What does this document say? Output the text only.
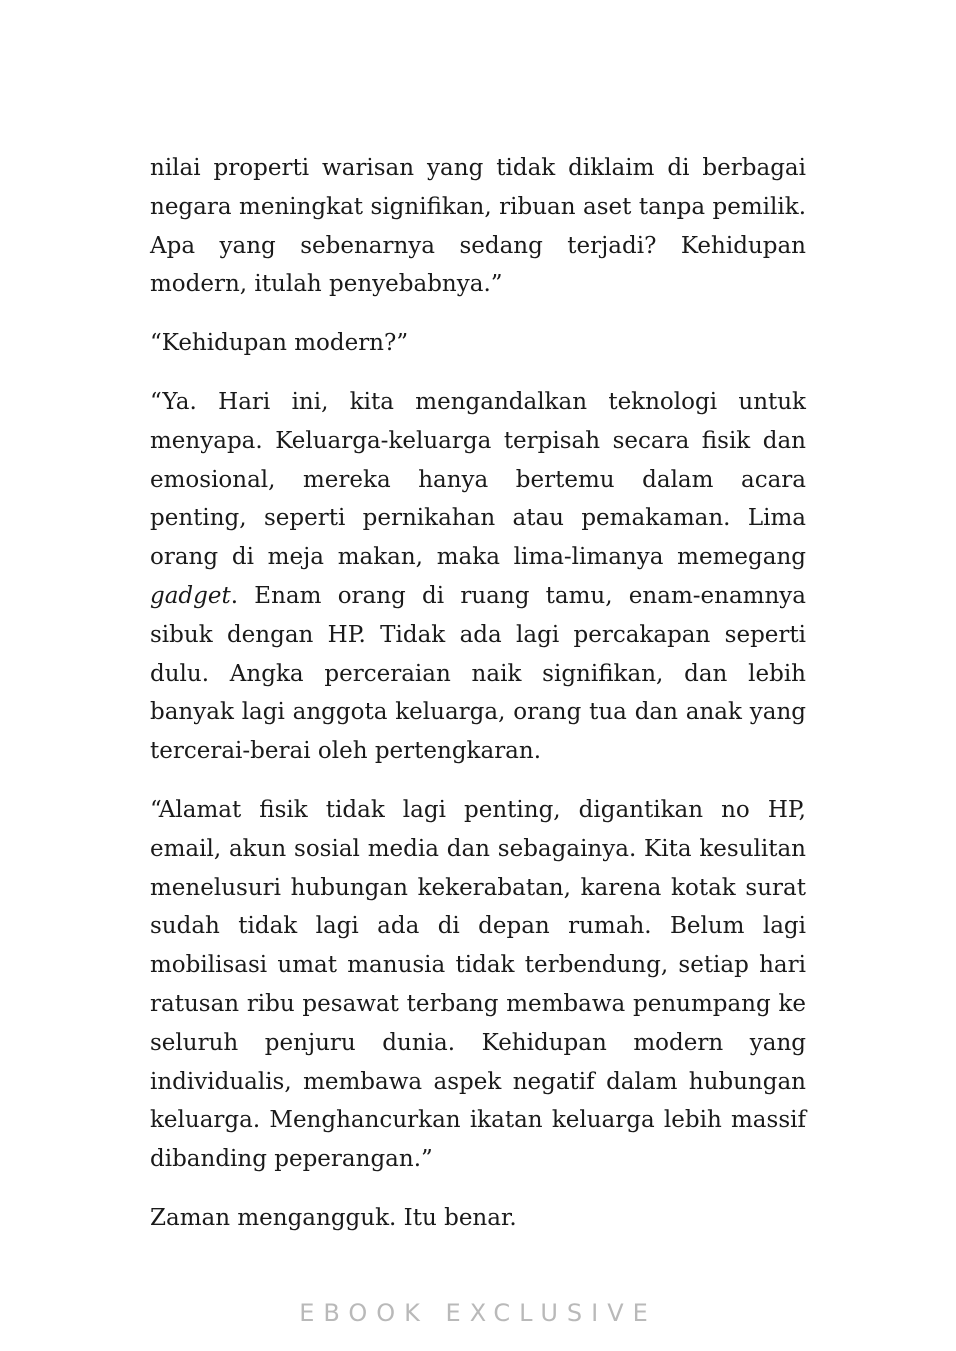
nilai properti warisan yang tidak diklaim di berbagai negara meningkat signifikan, ribuan aset tanpa pemilik. Apa yang sebenarnya sedang terjadi? Kehidupan modern, itulah penyebabnya.”

“Kehidupan modern?”

“Ya. Hari ini, kita mengandalkan teknologi untuk menyapa. Keluarga-keluarga terpisah secara fisik dan emosional, mereka hanya bertemu dalam acara penting, seperti pernikahan atau pemakaman. Lima orang di meja makan, maka lima-limanya memegang gadget. Enam orang di ruang tamu, enam-enamnya sibuk dengan HP. Tidak ada lagi percakapan seperti dulu. Angka perceraian naik signifikan, dan lebih banyak lagi anggota keluarga, orang tua dan anak yang tercerai-berai oleh pertengkaran.

“Alamat fisik tidak lagi penting, digantikan no HP, email, akun sosial media dan sebagainya. Kita kesulitan menelusuri hubungan kekerabatan, karena kotak surat sudah tidak lagi ada di depan rumah. Belum lagi mobilisasi umat manusia tidak terbendung, setiap hari ratusan ribu pesawat terbang membawa penumpang ke seluruh penjuru dunia. Kehidupan modern yang individualis, membawa aspek negatif dalam hubungan keluarga. Menghancurkan ikatan keluarga lebih massif dibanding peperangan.”

Zaman mengangguk. Itu benar.

EBOOK EXCLUSIVE
